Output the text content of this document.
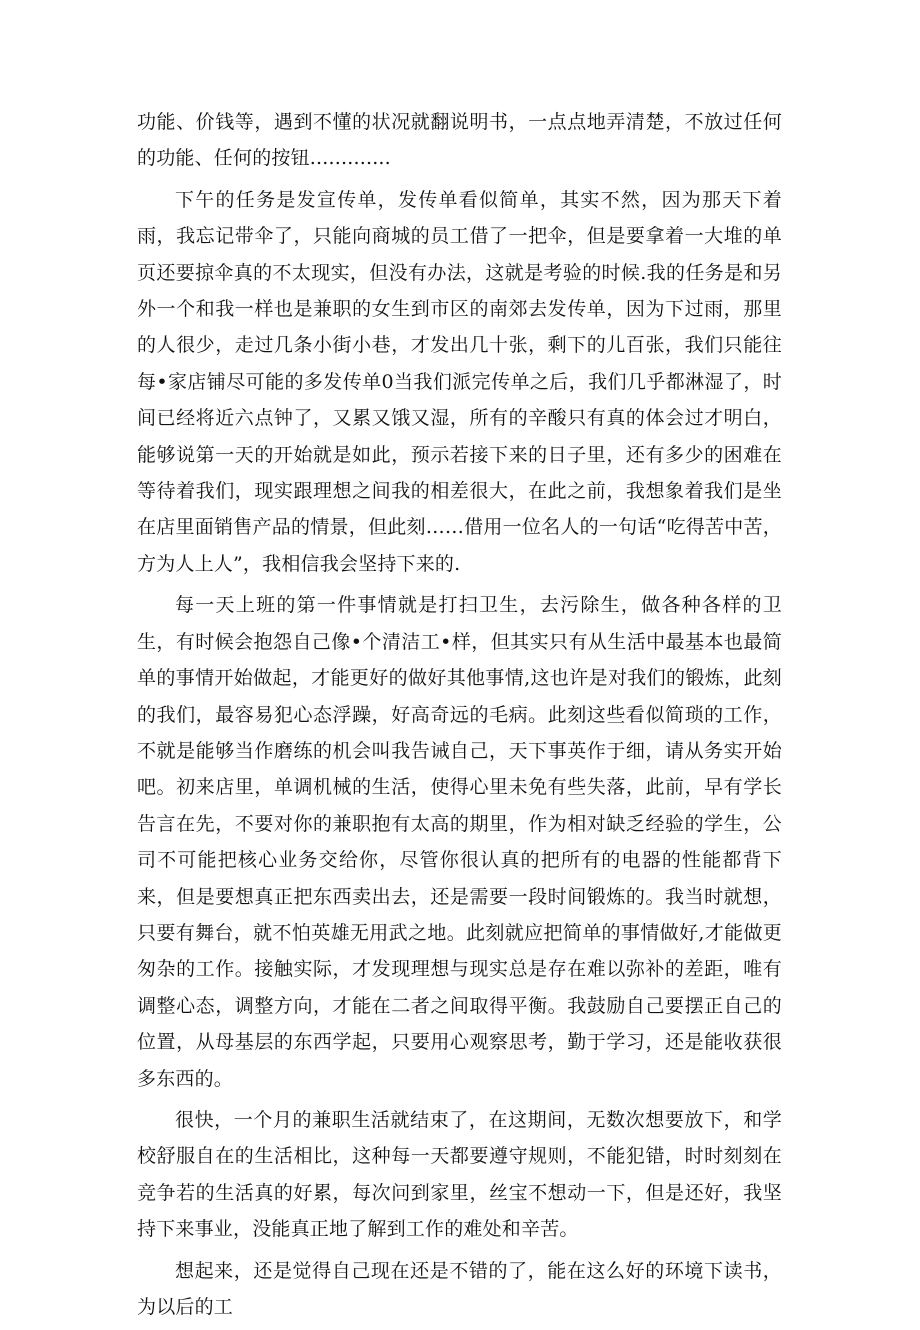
功能、价钱等，遇到不懂的状况就翻说明书，一点点地弄清楚，不放过任何的功能、任何的按钮.............

下午的任务是发宣传单，发传单看似简单，其实不然，因为那天下着雨，我忘记带伞了，只能向商城的员工借了一把伞，但是要拿着一大堆的单页还要掠伞真的不太现实，但没有办法，这就是考验的时候.我的任务是和另外一个和我一样也是兼职的女生到市区的南郊去发传单，因为下过雨，那里的人很少，走过几条小街小巷，才发出几十张，剩下的儿百张，我们只能往每•家店铺尽可能的多发传单0当我们派完传单之后，我们几乎都淋湿了，时间已经将近六点钟了，又累又饿又湿，所有的辛酸只有真的体会过才明白，能够说第一天的开始就是如此，预示若接下来的日子里，还有多少的困难在等待着我们，现实跟理想之间我的相差很大，在此之前，我想象着我们是坐在店里面销售产品的情景，但此刻……借用一位名人的一句话“吃得苦中苦，方为人上人”，我相信我会坚持下来的.

每一天上班的第一件事情就是打扫卫生，去污除生，做各种各样的卫生，有时候会抱怨自己像•个清洁工•样，但其实只有从生活中最基本也最简单的事情开始做起，才能更好的做好其他事情,这也许是对我们的锻炼，此刻的我们，最容易犯心态浮躁，好高奇远的毛病。此刻这些看似简琐的工作，不就是能够当作磨练的机会叫我告诫自己，天下事英作于细，请从务实开始吧。初来店里，单调机械的生活，使得心里未免有些失落，此前，早有学长告言在先，不要对你的兼职抱有太高的期里，作为相对缺乏经验的学生，公司不可能把核心业务交给你，尽管你很认真的把所有的电器的性能都背下来，但是要想真正把东西卖出去，还是需要一段时间锻炼的。我当时就想，只要有舞台，就不怕英雄无用武之地。此刻就应把简单的事情做好,才能做更匆杂的工作。接触实际，才发现理想与现实总是存在难以弥补的差距，唯有调整心态，调整方向，才能在二者之间取得平衡。我鼓励自己要摆正自己的位置，从母基层的东西学起，只要用心观察思考，勤于学习，还是能收获很多东西的。

很快，一个月的兼职生活就结束了，在这期间，无数次想要放下，和学校舒服自在的生活相比，这种每一天都要遵守规则，不能犯错，时时刻刻在竞争若的生活真的好累，每次问到家里，丝宝不想动一下，但是还好，我坚持下来事业，没能真正地了解到工作的难处和辛苦。

想起来，还是觉得自己现在还是不错的了，能在这么好的环境下读书，为以后的工
